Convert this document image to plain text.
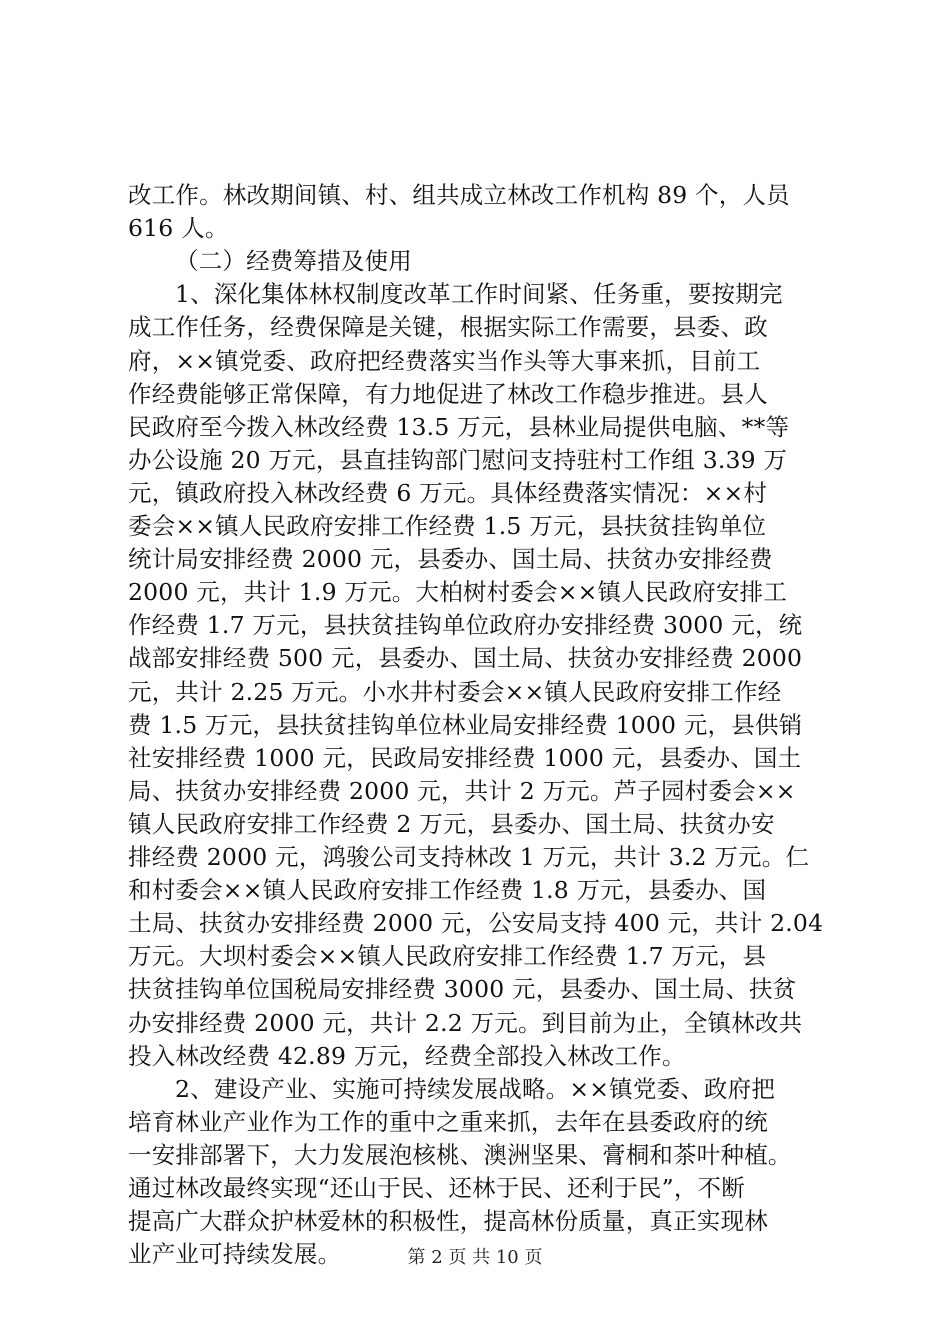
改工作。林改期间镇、村、组共成立林改工作机构 89 个，人员
616 人。
（二）经费筹措及使用
1、深化集体林权制度改革工作时间紧、任务重，要按期完
成工作任务，经费保障是关键，根据实际工作需要，县委、政
府，××镇党委、政府把经费落实当作头等大事来抓，目前工
作经费能够正常保障，有力地促进了林改工作稳步推进。县人
民政府至今拨入林改经费 13.5 万元，县林业局提供电脑、**等
办公设施 20 万元，县直挂钩部门慰问支持驻村工作组 3.39 万
元，镇政府投入林改经费 6 万元。具体经费落实情况：××村
委会××镇人民政府安排工作经费 1.5 万元，县扶贫挂钩单位
统计局安排经费 2000 元，县委办、国土局、扶贫办安排经费
2000 元，共计 1.9 万元。大柏树村委会××镇人民政府安排工
作经费 1.7 万元，县扶贫挂钩单位政府办安排经费 3000 元，统
战部安排经费 500 元，县委办、国土局、扶贫办安排经费 2000
元，共计 2.25 万元。小水井村委会××镇人民政府安排工作经
费 1.5 万元，县扶贫挂钩单位林业局安排经费 1000 元，县供销
社安排经费 1000 元，民政局安排经费 1000 元，县委办、国土
局、扶贫办安排经费 2000 元，共计 2 万元。芦子园村委会××
镇人民政府安排工作经费 2 万元，县委办、国土局、扶贫办安
排经费 2000 元，鸿骏公司支持林改 1 万元，共计 3.2 万元。仁
和村委会××镇人民政府安排工作经费 1.8 万元，县委办、国
土局、扶贫办安排经费 2000 元，公安局支持 400 元，共计 2.04
万元。大坝村委会××镇人民政府安排工作经费 1.7 万元，县
扶贫挂钩单位国税局安排经费 3000 元，县委办、国土局、扶贫
办安排经费 2000 元，共计 2.2 万元。到目前为止，全镇林改共
投入林改经费 42.89 万元，经费全部投入林改工作。
2、建设产业、实施可持续发展战略。××镇党委、政府把
培育林业产业作为工作的重中之重来抓，去年在县委政府的统
一安排部署下，大力发展泡核桃、澳洲坚果、膏桐和茶叶种植。
通过林改最终实现“还山于民、还林于民、还利于民”，不断
提高广大群众护林爱林的积极性，提高林份质量，真正实现林
业产业可持续发展。	第 2 页 共 10 页
